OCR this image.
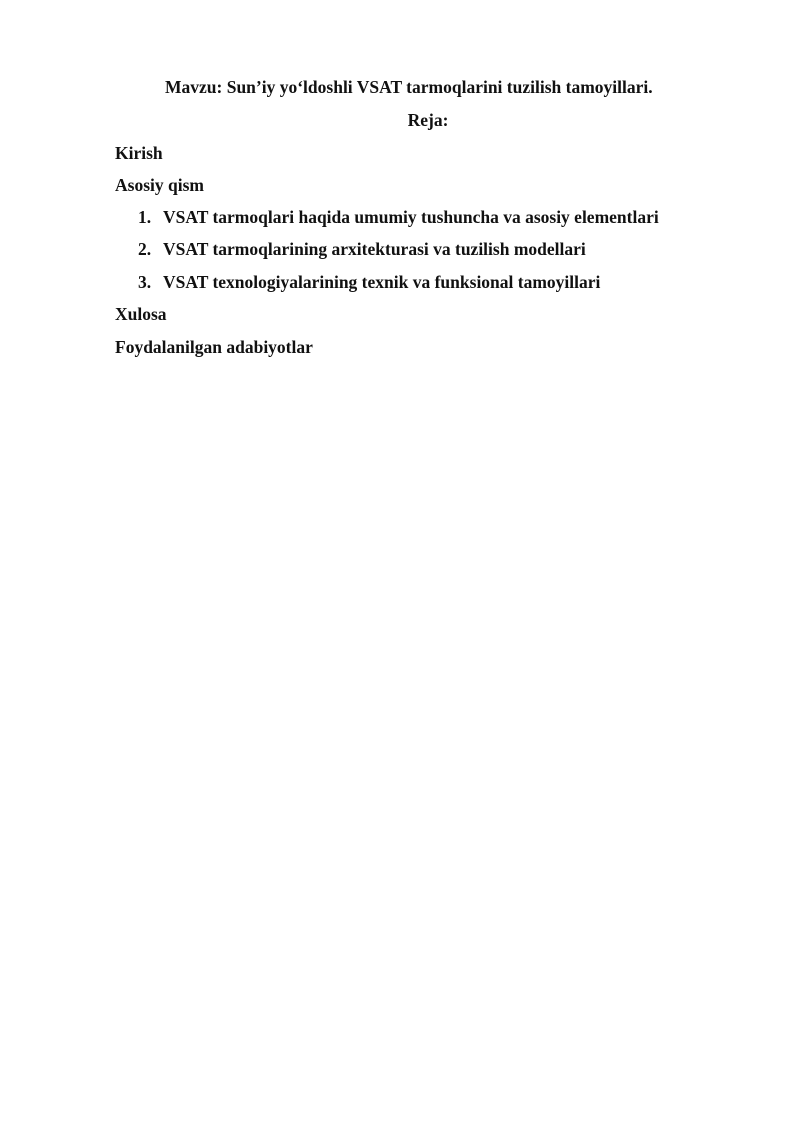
Mavzu: Sun’iy yo‘ldoshli VSAT tarmoqlarini tuzilish tamoyillari.
Reja:
Kirish
Asosiy qism
1. VSAT tarmoqlari haqida umumiy tushuncha va asosiy elementlari
2. VSAT tarmoqlarining arxitekturasi va tuzilish modellari
3. VSAT texnologiyalarining texnik va funksional tamoyillari
Xulosa
Foydalanilgan adabiyotlar
